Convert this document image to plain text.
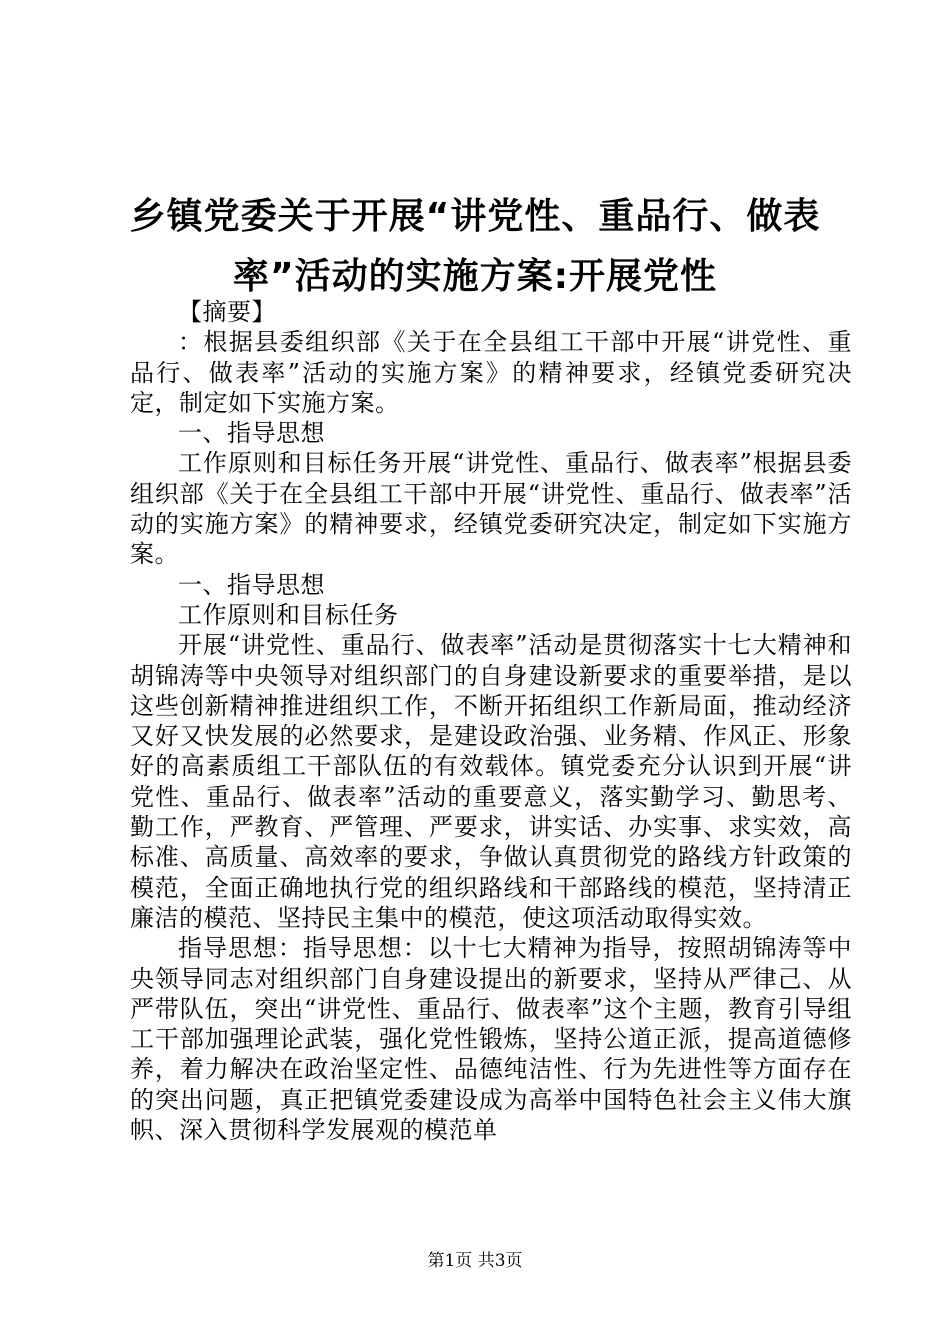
乡镇党委关于开展“讲党性、重品行、做表
率”活动的实施方案:开展党性

【摘要】

：根据县委组织部《关于在全县组工干部中开展“讲党性、重品行、做表率”活动的实施方案》的精神要求，经镇党委研究决定，制定如下实施方案。

一、指导思想

工作原则和目标任务开展“讲党性、重品行、做表率”根据县委组织部《关于在全县组工干部中开展“讲党性、重品行、做表率”活动的实施方案》的精神要求，经镇党委研究决定，制定如下实施方案。

一、指导思想

工作原则和目标任务

开展“讲党性、重品行、做表率”活动是贯彻落实十七大精神和胡锦涛等中央领导对组织部门的自身建设新要求的重要举措，是以这些创新精神推进组织工作，不断开拓组织工作新局面，推动经济又好又快发展的必然要求，是建设政治强、业务精、作风正、形象好的高素质组工干部队伍的有效载体。镇党委充分认识到开展“讲党性、重品行、做表率”活动的重要意义，落实勤学习、勤思考、勤工作，严教育、严管理、严要求，讲实话、办实事、求实效，高标准、高质量、高效率的要求，争做认真贯彻党的路线方针政策的模范，全面正确地执行党的组织路线和干部路线的模范，坚持清正廉洁的模范、坚持民主集中的模范，使这项活动取得实效。

指导思想：指导思想：以十七大精神为指导，按照胡锦涛等中央领导同志对组织部门自身建设提出的新要求，坚持从严律己、从严带队伍，突出“讲党性、重品行、做表率”这个主题，教育引导组工干部加强理论武装，强化党性锻炼，坚持公道正派，提高道德修养，着力解决在政治坚定性、品德纯洁性、行为先进性等方面存在的突出问题，真正把镇党委建设成为高举中国特色社会主义伟大旗帜、深入贯彻科学发展观的模范单

第1页 共3页
